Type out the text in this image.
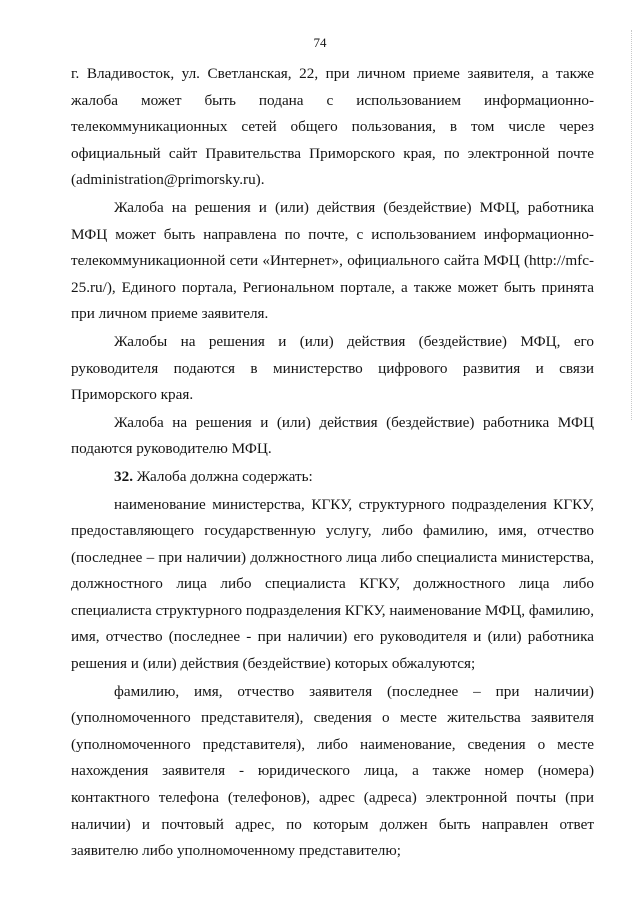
74

г. Владивосток, ул. Светланская, 22, при личном приеме заявителя, а также жалоба может быть подана с использованием информационно-телекоммуникационных сетей общего пользования, в том числе через официальный сайт Правительства Приморского края, по электронной почте (administration@primorsky.ru).

Жалоба на решения и (или) действия (бездействие) МФЦ, работника МФЦ может быть направлена по почте, с использованием информационно-телекоммуникационной сети «Интернет», официального сайта МФЦ (http://mfc-25.ru/), Единого портала, Региональном портале, а также может быть принята при личном приеме заявителя.

Жалобы на решения и (или) действия (бездействие) МФЦ, его руководителя подаются в министерство цифрового развития и связи Приморского края.

Жалоба на решения и (или) действия (бездействие) работника МФЦ подаются руководителю МФЦ.

32. Жалоба должна содержать:

наименование министерства, КГКУ, структурного подразделения КГКУ, предоставляющего государственную услугу, либо фамилию, имя, отчество (последнее – при наличии) должностного лица либо специалиста министерства, должностного лица либо специалиста КГКУ, должностного лица либо специалиста структурного подразделения КГКУ, наименование МФЦ, фамилию, имя, отчество (последнее - при наличии) его руководителя и (или) работника решения и (или) действия (бездействие) которых обжалуются;

фамилию, имя, отчество заявителя (последнее – при наличии) (уполномоченного представителя), сведения о месте жительства заявителя (уполномоченного представителя), либо наименование, сведения о месте нахождения заявителя - юридического лица, а также номер (номера) контактного телефона (телефонов), адрес (адреса) электронной почты (при наличии) и почтовый адрес, по которым должен быть направлен ответ заявителю либо уполномоченному представителю;
